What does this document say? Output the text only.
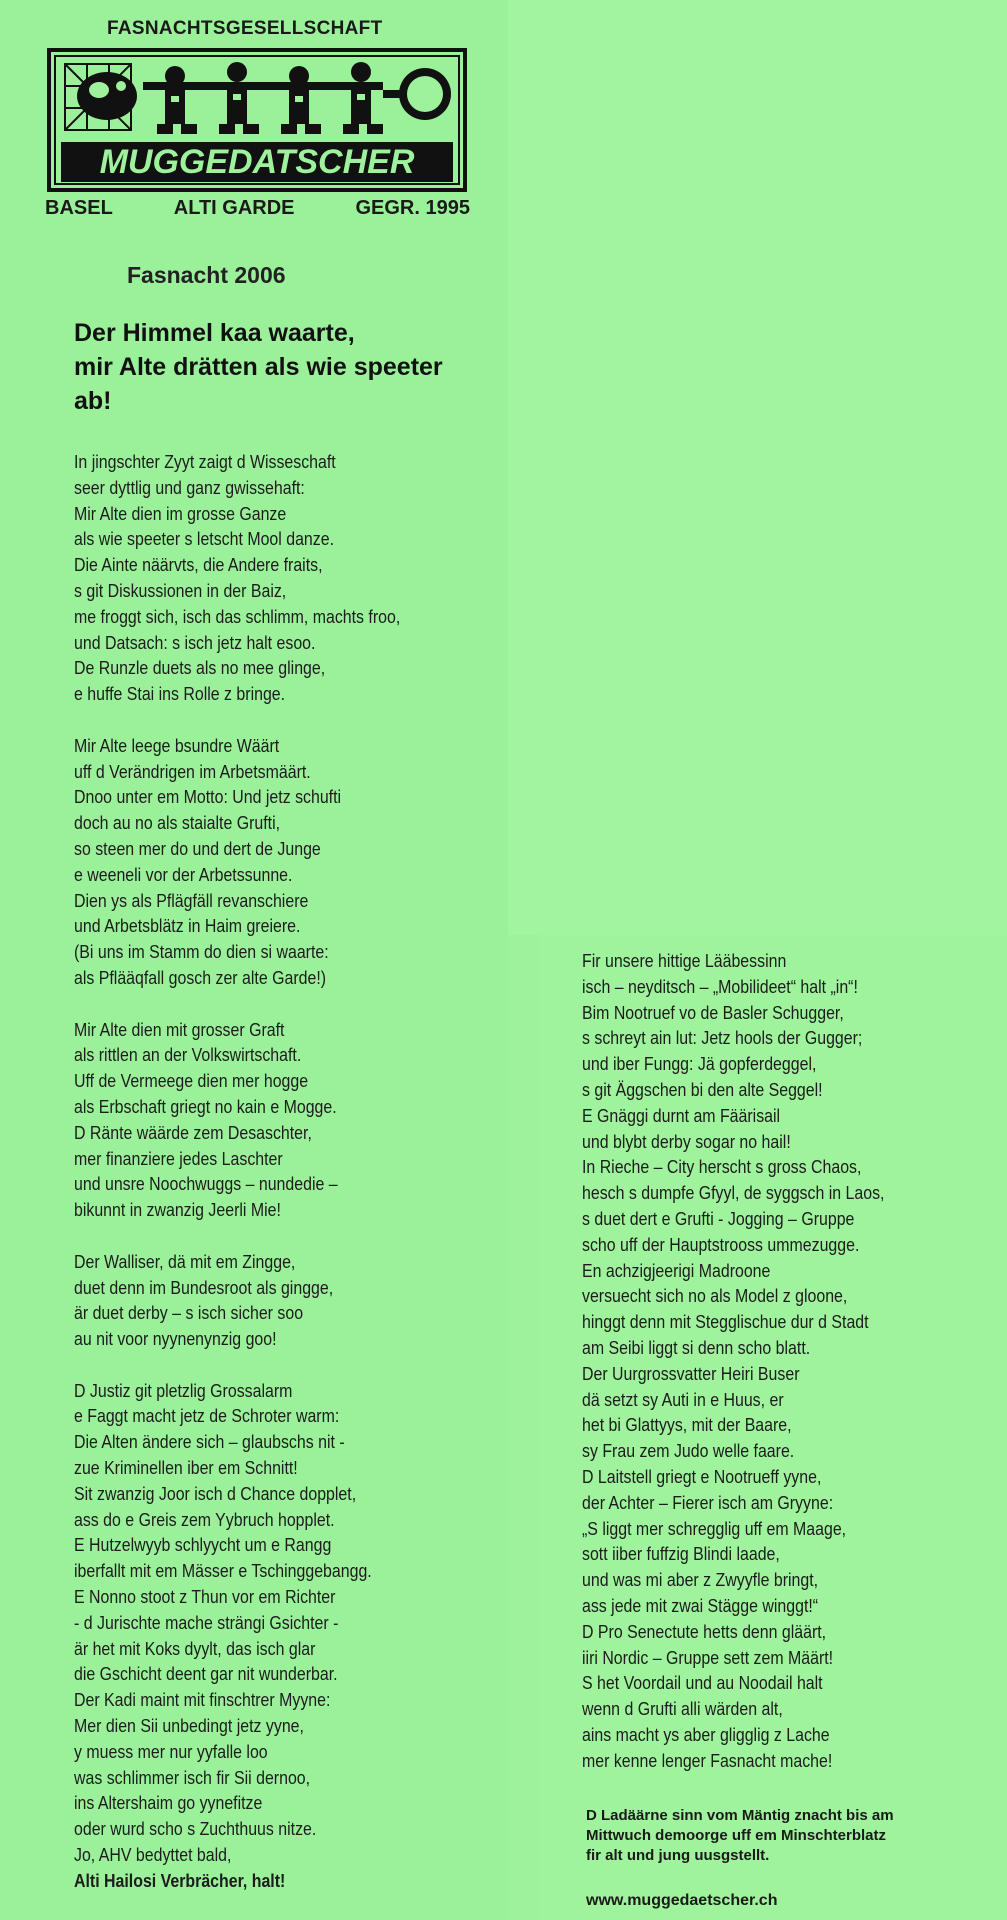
FASNACHTSGESELLSCHAFT
MUGGEDATSCHER
BASEL	ALTI GARDE	GEGR. 1995
Fasnacht 2006
Der Himmel kaa waarte,
mir Alte drätten als wie speeter
ab!
In jingschter Zyyt zaigt d Wisseschaft
seer dyttlig und ganz gwissehaft:
Mir Alte dien im grosse Ganze
als wie speeter s letscht Mool danze.
Die Ainte näärvts, die Andere fraits,
s git Diskussionen in der Baiz,
me froggt sich, isch das schlimm, machts froo,
und Datsach: s isch jetz halt esoo.
De Runzle duets als no mee glinge,
e huffe Stai ins Rolle z bringe.
Mir Alte leege bsundre Wäärt
uff d Verändrigen im Arbetsmäärt.
Dnoo unter em Motto: Und jetz schufti
doch au no als staialte Grufti,
so steen mer do und dert de Junge
e weeneli vor der Arbetssunne.
Dien ys als Pflägfäll revanschiere
und Arbetsblätz in Haim greiere.
(Bi uns im Stamm do dien si waarte:
als Pflääqfall gosch zer alte Garde!)
Mir Alte dien mit grosser Graft
als rittlen an der Volkswirtschaft.
Uff de Vermeege dien mer hogge
als Erbschaft griegt no kain e Mogge.
D Ränte wäärde zem Desaschter,
mer finanziere jedes Laschter
und unsre Noochwuggs – nundedie –
bikunnt in zwanzig Jeerli Mie!
Der Walliser, dä mit em Zingge,
duet denn im Bundesroot als gingge,
är duet derby – s isch sicher soo
au nit voor nyynenynzig goo!
D Justiz git pletzlig Grossalarm
e Faggt macht jetz de Schroter warm:
Die Alten ändere sich – glaubschs nit -
zue Kriminellen iber em Schnitt!
Sit zwanzig Joor isch d Chance dopplet,
ass do e Greis zem Yybruch hopplet.
E Hutzelwyyb schlyycht um e Rangg
iberfallt mit em Mässer e Tschinggebangg.
E Nonno stoot z Thun vor em Richter
- d Jurischte mache strängi Gsichter -
är het mit Koks dyylt, das isch glar
die Gschicht deent gar nit wunderbar.
Der Kadi maint mit finschtrer Myyne:
Mer dien Sii unbedingt jetz yyne,
y muess mer nur yyfalle loo
was schlimmer isch fir Sii dernoo,
ins Altershaim go yynefitze
oder wurd scho s Zuchthuus nitze.
Jo, AHV bedyttet bald,
Alti Hailosi Verbrächer, halt!
Fir unsere hittige Lääbessinn
isch – neyditsch – „Mobilideet“ halt „in“!
Bim Nootruef vo de Basler Schugger,
s schreyt ain lut: Jetz hools der Gugger;
und iber Fungg: Jä gopferdeggel,
s git Äggschen bi den alte Seggel!
E Gnäggi durnt am Fäärisail
und blybt derby sogar no hail!
In Rieche – City herscht s gross Chaos,
hesch s dumpfe Gfyyl, de syggsch in Laos,
s duet dert e Grufti - Jogging – Gruppe
scho uff der Hauptstrooss ummezugge.
En achzigjeerigi Madroone
versuecht sich no als Model z gloone,
hinggt denn mit Stegglischue dur d Stadt
am Seibi liggt si denn scho blatt.
Der Uurgrossvatter Heiri Buser
dä setzt sy Auti in e Huus, er
het bi Glattyys, mit der Baare,
sy Frau zem Judo welle faare.
D Laitstell griegt e Nootrueff yyne,
der Achter – Fierer isch am Gryyne:
„S liggt mer schregglig uff em Maage,
sott iiber fuffzig Blindi laade,
und was mi aber z Zwyyfle bringt,
ass jede mit zwai Stägge winggt!“
D Pro Senectute hetts denn gläärt,
iiri Nordic – Gruppe sett zem Määrt!
S het Voordail und au Noodail halt
wenn d Grufti alli wärden alt,
ains macht ys aber gligglig z Lache
mer kenne lenger Fasnacht mache!
D Ladäärne sinn vom Mäntig znacht bis am
Mittwuch demoorge uff em Minschterblatz
fir alt und jung uusgstellt.
www.muggedaetscher.ch
